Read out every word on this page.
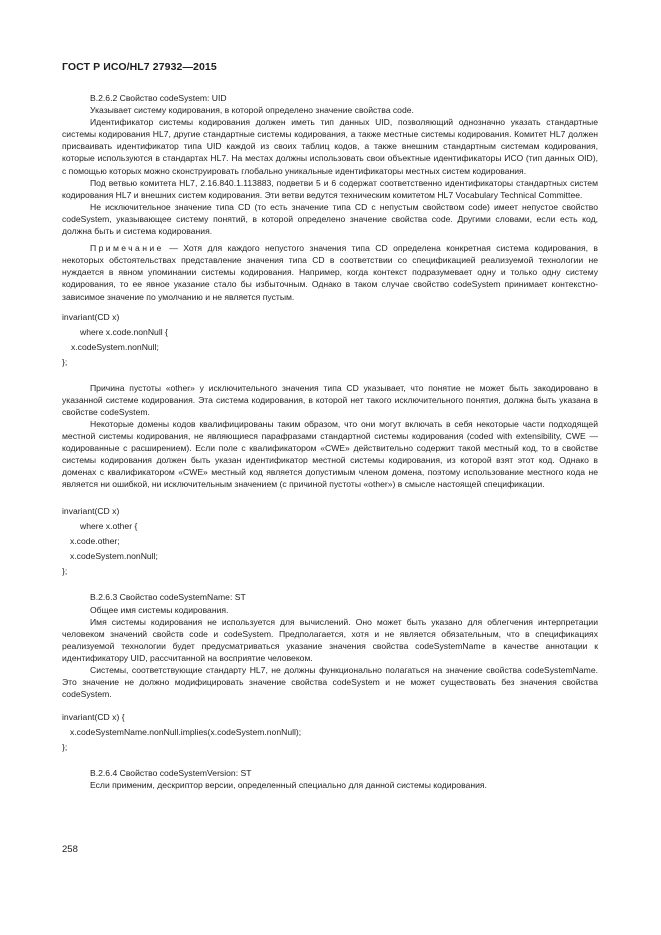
ГОСТ Р ИСО/HL7 27932—2015

В.2.6.2 Свойство codeSystem: UID

Указывает систему кодирования, в которой определено значение свойства code.

Идентификатор системы кодирования должен иметь тип данных UID, позволяющий однозначно указать стандартные системы кодирования HL7, другие стандартные системы кодирования, а также местные системы кодирования. Комитет HL7 должен присваивать идентификатор типа UID каждой из своих таблиц кодов, а также внешним стандартным системам кодирования, которые используются в стандартах HL7. На местах должны использовать свои объектные идентификаторы ИСО (тип данных OID), с помощью которых можно сконструировать глобально уникальные идентификаторы местных систем кодирования.

Под ветвью комитета HL7, 2.16.840.1.113883, подветви 5 и 6 содержат соответственно идентификаторы стандартных систем кодирования HL7 и внешних систем кодирования. Эти ветви ведутся техническим комитетом HL7 Vocabulary Technical Committee.

Не исключительное значение типа CD (то есть значение типа CD с непустым свойством code) имеет непустое свойство codeSystem, указывающее систему понятий, в которой определено значение свойства code. Другими словами, если есть код, должна быть и система кодирования.

Примечание — Хотя для каждого непустого значения типа CD определена конкретная система кодирования, в некоторых обстоятельствах представление значения типа CD в соответствии со спецификацией реализуемой технологии не нуждается в явном упоминании системы кодирования. Например, когда контекст подразумевает одну и только одну систему кодирования, то ее явное указание стало бы избыточным. Однако в таком случае свойство codeSystem принимает контекстно-зависимое значение по умолчанию и не является пустым.

invariant(CD x)

where x.code.nonNull {

x.codeSystem.nonNull;

};

Причина пустоты «other» у исключительного значения типа CD указывает, что понятие не может быть закодировано в указанной системе кодирования. Эта система кодирования, в которой нет такого исключительного понятия, должна быть указана в свойстве codeSystem.

Некоторые домены кодов квалифицированы таким образом, что они могут включать в себя некоторые части подходящей местной системы кодирования, не являющиеся парафразами стандартной системы кодирования (coded with extensibility, CWE — кодированные с расширением). Если поле с квалификатором «CWE» действительно содержит такой местный код, то в свойстве системы кодирования должен быть указан идентификатор местной системы кодирования, из которой взят этот код. Однако в доменах с квалификатором «CWE» местный код является допустимым членом домена, поэтому использование местного кода не является ни ошибкой, ни исключительным значением (с причиной пустоты «other») в смысле настоящей спецификации.

invariant(CD x)

where x.other {

x.code.other;

x.codeSystem.nonNull;

};

В.2.6.3 Свойство codeSystemName: ST

Общее имя системы кодирования.

Имя системы кодирования не используется для вычислений. Оно может быть указано для облегчения интерпретации человеком значений свойств code и codeSystem. Предполагается, хотя и не является обязательным, что в спецификациях реализуемой технологии будет предусматриваться указание значения свойства codeSystemName в качестве аннотации к идентификатору UID, рассчитанной на восприятие человеком.

Системы, соответствующие стандарту HL7, не должны функционально полагаться на значение свойства codeSystemName. Это значение не должно модифицировать значение свойства codeSystem и не может существовать без значения свойства codeSystem.

invariant(CD x) {

x.codeSystemName.nonNull.implies(x.codeSystem.nonNull);

};

В.2.6.4 Свойство codeSystemVersion: ST

Если применим, дескриптор версии, определенный специально для данной системы кодирования.

258
